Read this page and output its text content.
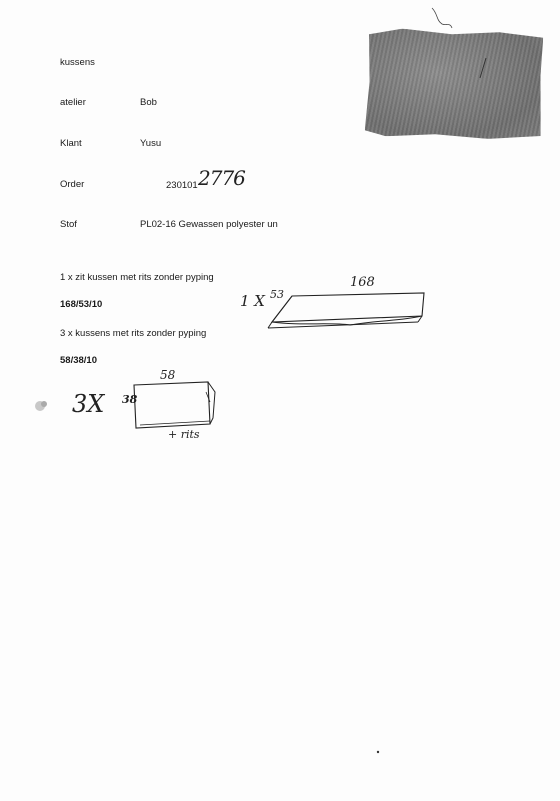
kussens
atelier	Bob
Klant	Yusu
Order	230101 2776
Stof	PL02-16 Gewassen polyester un
1 x zit kussen met rits zonder pyping
168/53/10
3 x kussens met rits zonder pyping
58/38/10
1 X 53
168
3X 38
58
+ rits
